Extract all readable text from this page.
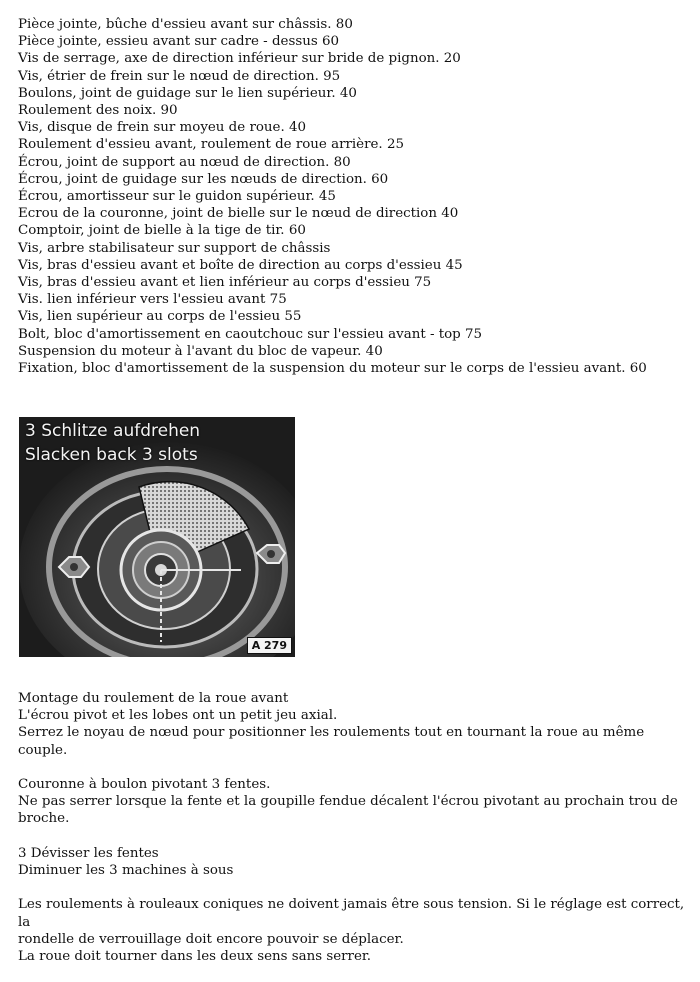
Pièce jointe, bûche d'essieu avant sur châssis. 80
Pièce jointe, essieu avant sur cadre - dessus 60
Vis de serrage, axe de direction inférieur sur bride de pignon. 20
Vis, étrier de frein sur le nœud de direction. 95
Boulons, joint de guidage sur le lien supérieur. 40
Roulement des noix. 90
Vis, disque de frein sur moyeu de roue. 40
Roulement d'essieu avant, roulement de roue arrière. 25
Écrou, joint de support au nœud de direction. 80
Écrou, joint de guidage sur les nœuds de direction. 60
Écrou, amortisseur sur le guidon supérieur. 45
Ecrou de la couronne, joint de bielle sur le nœud de direction 40
Comptoir, joint de bielle à la tige de tir. 60
Vis, arbre stabilisateur sur support de châssis
Vis, bras d'essieu avant et boîte de direction au corps d'essieu 45
Vis, bras d'essieu avant et lien inférieur au corps d'essieu 75
Vis. lien inférieur vers l'essieu avant 75
Vis, lien supérieur au corps de l'essieu 55
Bolt, bloc d'amortissement en caoutchouc sur l'essieu avant - top 75
Suspension du moteur à l'avant du bloc de vapeur. 40
Fixation, bloc d'amortissement de la suspension du moteur sur le corps de l'essieu avant. 60
3 Schlitze aufdrehen
Slacken back 3 slots
A 279

Montage du roulement de la roue avant
L'écrou pivot et les lobes ont un petit jeu axial.
Serrez le noyau de nœud pour positionner les roulements tout en tournant la roue au même couple.

Couronne à boulon pivotant 3 fentes.
Ne pas serrer lorsque la fente et la goupille fendue décalent l'écrou pivotant au prochain trou de broche.

3 Dévisser les fentes
Diminuer les 3 machines à sous

Les roulements à rouleaux coniques ne doivent jamais être sous tension. Si le réglage est correct, la
rondelle de verrouillage doit encore pouvoir se déplacer.
La roue doit tourner dans les deux sens sans serrer.
